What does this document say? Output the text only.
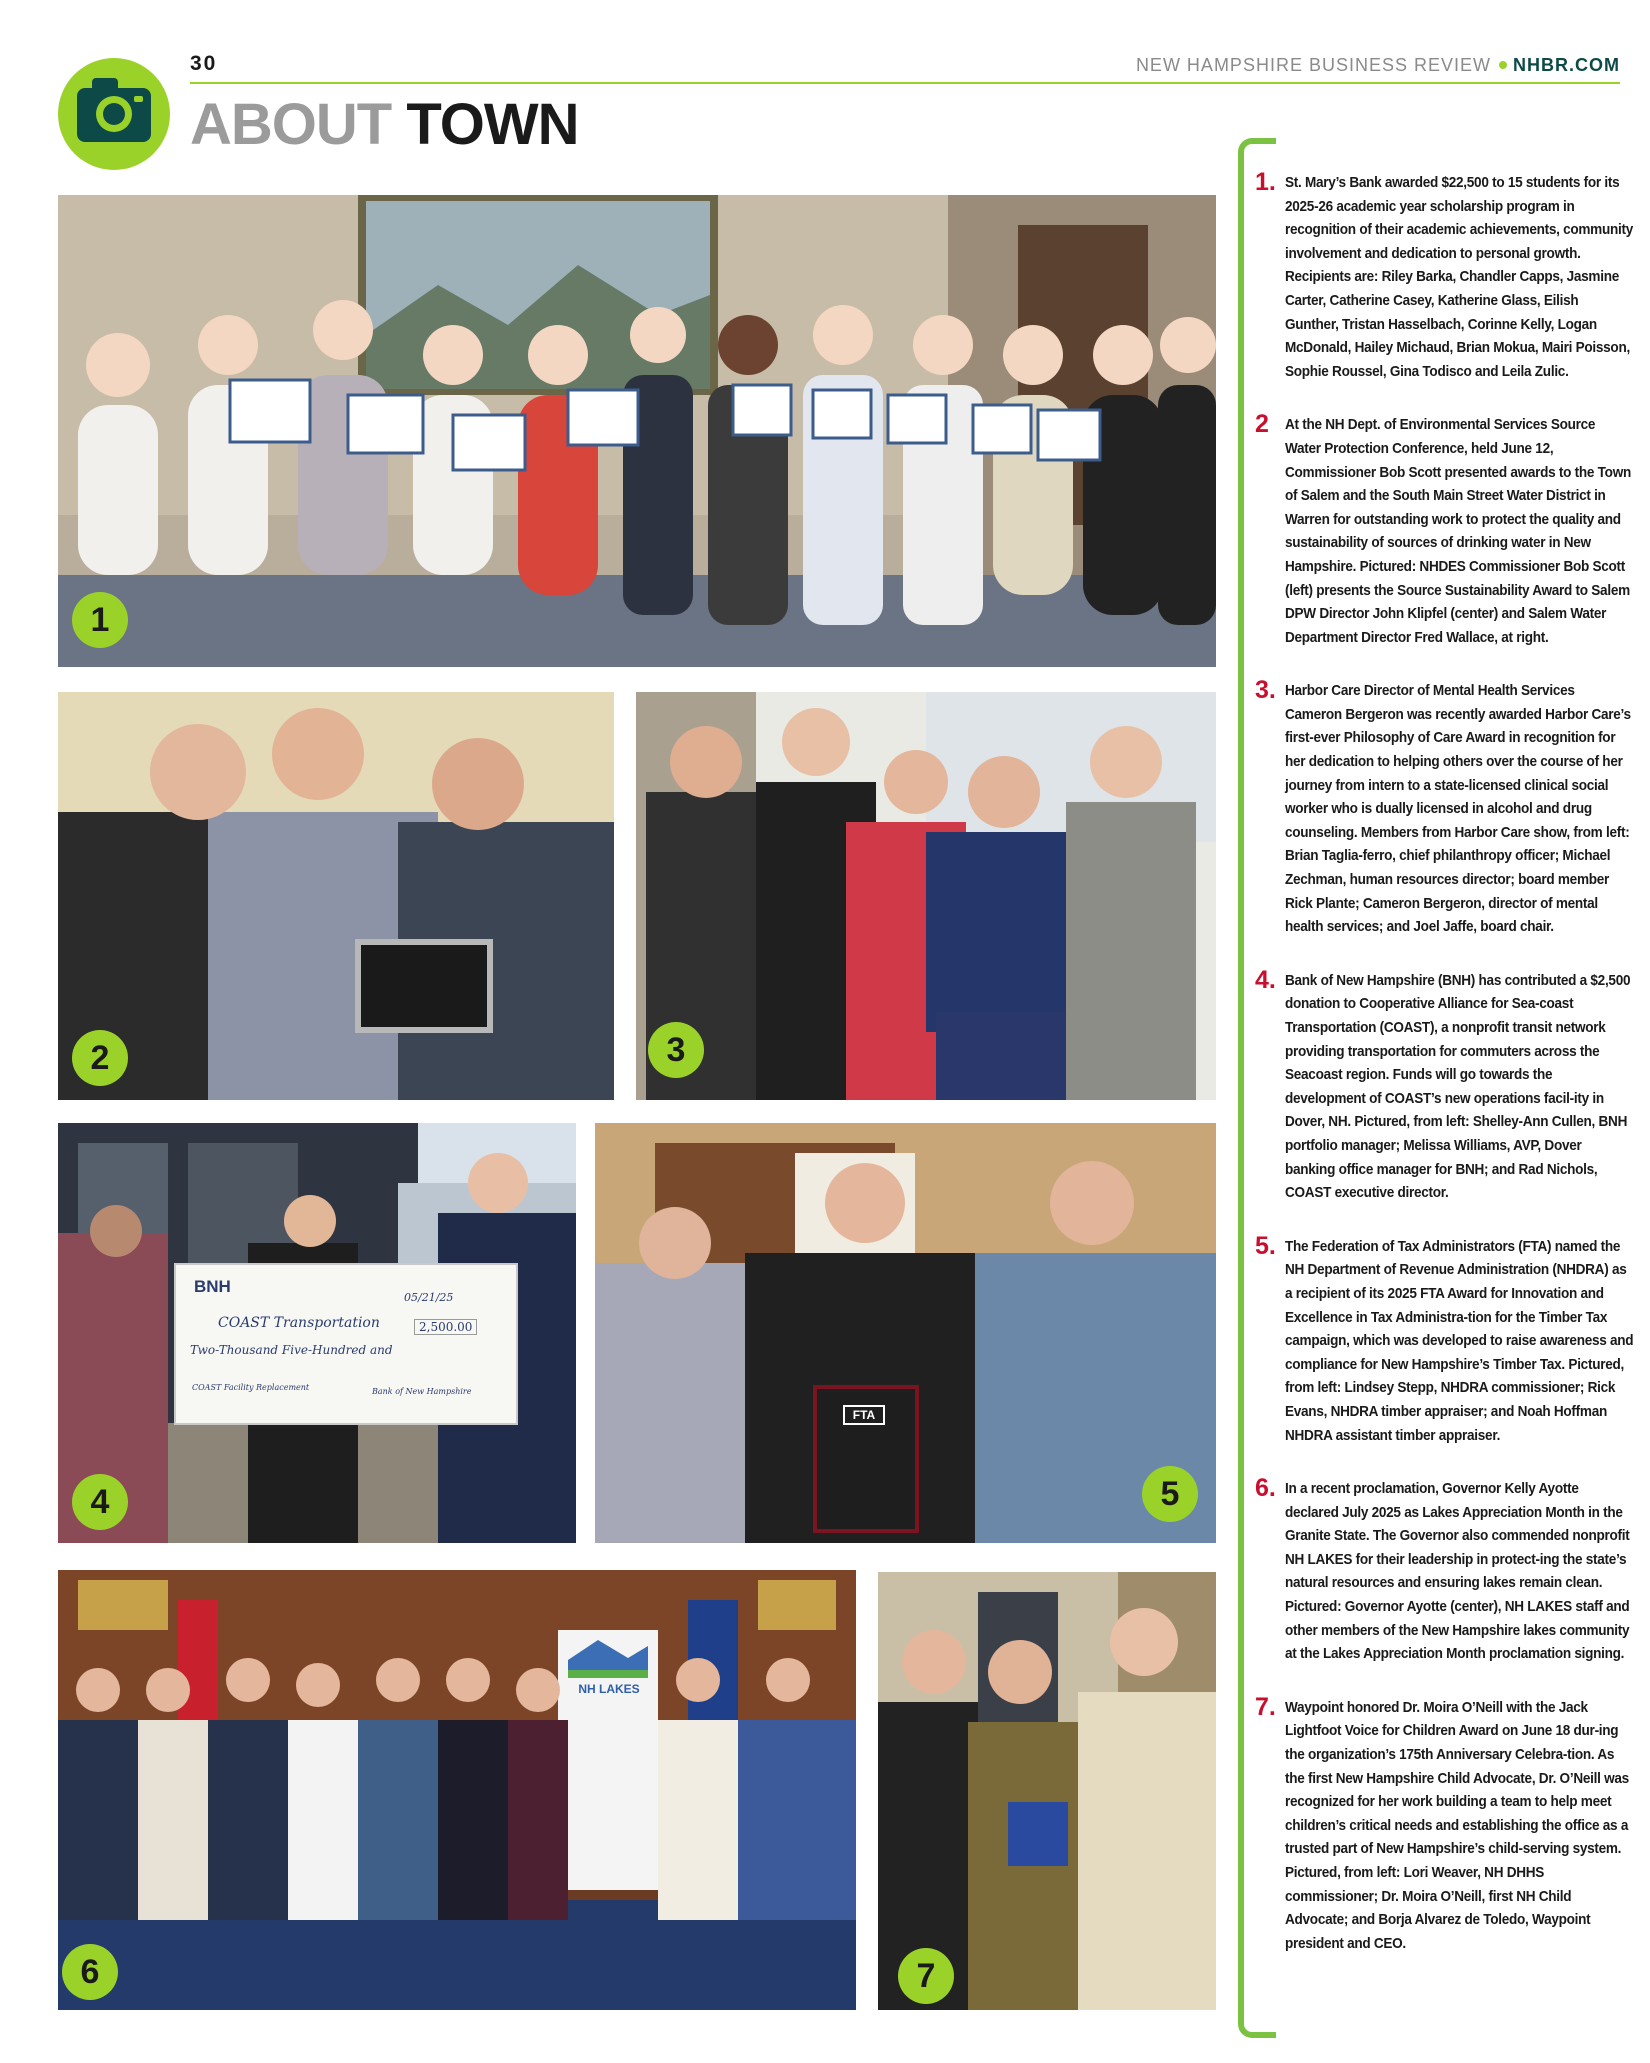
30	NEW HAMPSHIRE BUSINESS REVIEW NHBR.COM
ABOUT TOWN
1
2	3
BNH
05/21/25
COAST Transportation	2,500.00
Two-Thousand Five-Hundred and
COAST Facility Replacement	Bank of New Hampshire
4
FTA
5
NH LAKES
6	7
1. St. Mary’s Bank awarded $22,500 to 15 students for its 2025-26 academic year scholarship program in recognition of their academic achievements, community involvement and dedication to personal growth. Recipients are: Riley Barka, Chandler Capps, Jasmine Carter, Catherine Casey, Katherine Glass, Eilish Gunther, Tristan Hasselbach, Corinne Kelly, Logan McDonald, Hailey Michaud, Brian Mokua, Mairi Poisson, Sophie Roussel, Gina Todisco and Leila Zulic.
2 At the NH Dept. of Environmental Services Source Water Protection Conference, held June 12, Commissioner Bob Scott presented awards to the Town of Salem and the South Main Street Water District in Warren for outstanding work to protect the quality and sustainability of sources of drinking water in New Hampshire. Pictured: NHDES Commissioner Bob Scott (left) presents the Source Sustainability Award to Salem DPW Director John Klipfel (center) and Salem Water Department Director Fred Wallace, at right.
3. Harbor Care Director of Mental Health Services Cameron Bergeron was recently awarded Harbor Care’s first-ever Philosophy of Care Award in recognition for her dedication to helping others over the course of her journey from intern to a state-licensed clinical social worker who is dually licensed in alcohol and drug counseling. Members from Harbor Care show, from left: Brian Taglia-ferro, chief philanthropy officer; Michael Zechman, human resources director; board member Rick Plante; Cameron Bergeron, director of mental health services; and Joel Jaffe, board chair.
4. Bank of New Hampshire (BNH) has contributed a $2,500 donation to Cooperative Alliance for Sea-coast Transportation (COAST), a nonprofit transit network providing transportation for commuters across the Seacoast region. Funds will go towards the development of COAST’s new operations facil-ity in Dover, NH. Pictured, from left: Shelley-Ann Cullen, BNH portfolio manager; Melissa Williams, AVP, Dover banking office manager for BNH; and Rad Nichols, COAST executive director.
5. The Federation of Tax Administrators (FTA) named the NH Department of Revenue Administration (NHDRA) as a recipient of its 2025 FTA Award for Innovation and Excellence in Tax Administra-tion for the Timber Tax campaign, which was developed to raise awareness and compliance for New Hampshire’s Timber Tax. Pictured, from left: Lindsey Stepp, NHDRA commissioner; Rick Evans, NHDRA timber appraiser; and Noah Hoffman NHDRA assistant timber appraiser.
6. In a recent proclamation, Governor Kelly Ayotte declared July 2025 as Lakes Appreciation Month in the Granite State. The Governor also commended nonprofit NH LAKES for their leadership in protect-ing the state’s natural resources and ensuring lakes remain clean. Pictured: Governor Ayotte (center), NH LAKES staff and other members of the New Hampshire lakes community at the Lakes Appreciation Month proclamation signing.
7. Waypoint honored Dr. Moira O’Neill with the Jack Lightfoot Voice for Children Award on June 18 dur-ing the organization’s 175th Anniversary Celebra-tion. As the first New Hampshire Child Advocate, Dr. O’Neill was recognized for her work building a team to help meet children’s critical needs and establishing the office as a trusted part of New Hampshire’s child-serving system. Pictured, from left: Lori Weaver, NH DHHS commissioner; Dr. Moira O’Neill, first NH Child Advocate; and Borja Alvarez de Toledo, Waypoint president and CEO.
